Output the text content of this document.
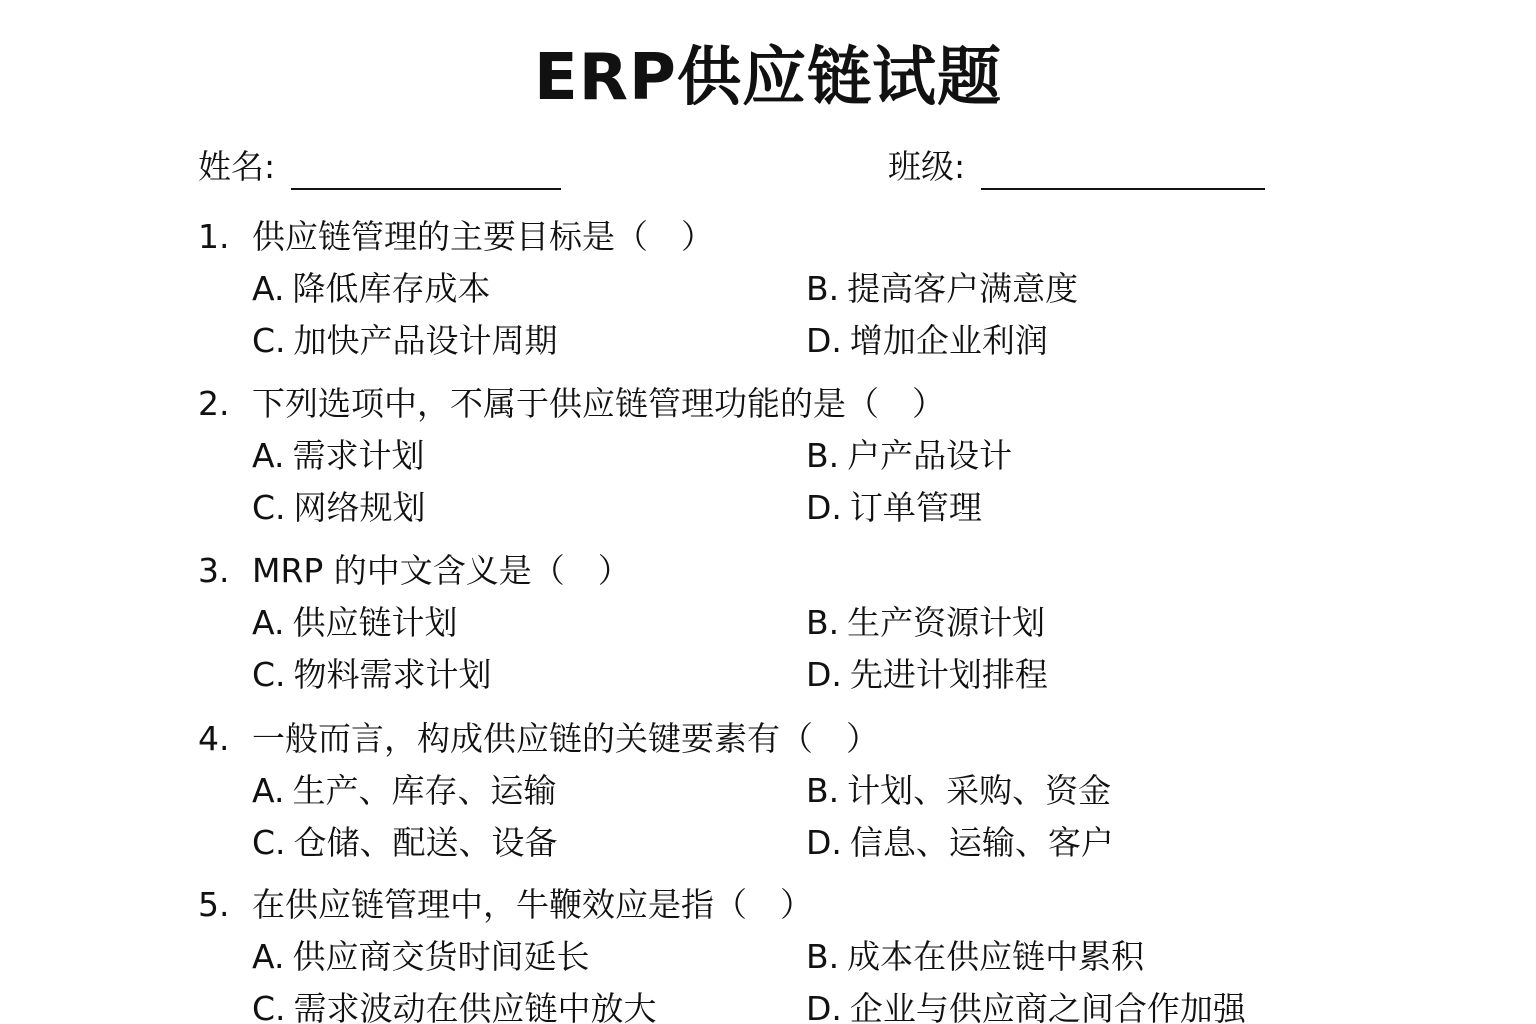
ERP供应链试题
姓名:	班级:
1. 供应链管理的主要目标是（　）
A. 降低库存成本	B. 提高客户满意度
C. 加快产品设计周期	D. 增加企业利润
2. 下列选项中，不属于供应链管理功能的是（　）
A. 需求计划	B. 户产品设计
C. 网络规划	D. 订单管理
3. MRP 的中文含义是（　）
A. 供应链计划	B. 生产资源计划
C. 物料需求计划	D. 先进计划排程
4. 一般而言，构成供应链的关键要素有（　）
A. 生产、库存、运输	B. 计划、采购、资金
C. 仓储、配送、设备	D. 信息、运输、客户
5. 在供应链管理中，牛鞭效应是指（　）
A. 供应商交货时间延长	B. 成本在供应链中累积
C. 需求波动在供应链中放大	D. 企业与供应商之间合作加强
